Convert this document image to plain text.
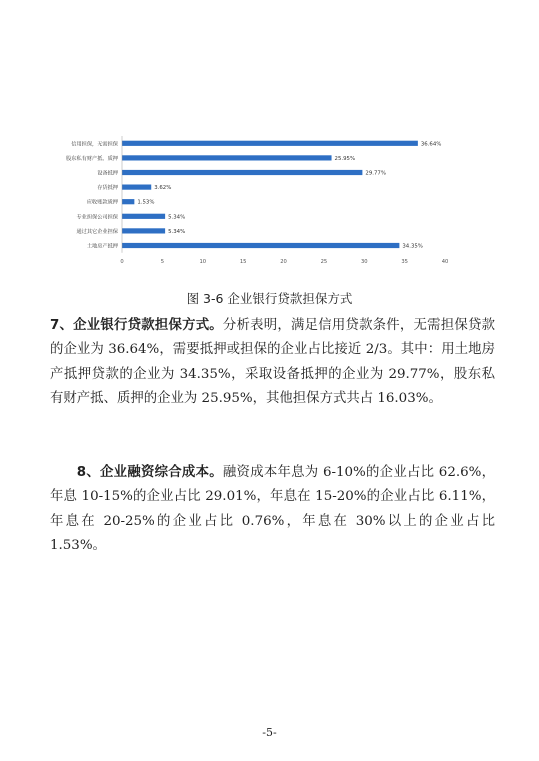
信用担保，无需担保	36.64%
股东私有财产抵、质押	25.95%
设备抵押	29.77%
存货抵押	3.62%
应收账款质押	1.53%
专业担保公司担保	5.34%
通过其它企业担保	5.34%
土地房产抵押	34.35%
0	5	10	15	20	25	30	35	40
图 3-6 企业银行贷款担保方式

7、企业银行贷款担保方式。分析表明，满足信用贷款条件，无需担保贷款的企业为 36.64%，需要抵押或担保的企业占比接近 2/3。其中：用土地房产抵押贷款的企业为 34.35%，采取设备抵押的企业为 29.77%，股东私有财产抵、质押的企业为 25.95%，其他担保方式共占 16.03%。

8、企业融资综合成本。融资成本年息为 6-10%的企业占比 62.6%，年息 10-15%的企业占比 29.01%，年息在 15-20%的企业占比 6.11%，年息在 20-25%的企业占比 0.76%，年息在 30%以上的企业占比 1.53%。

-5-
